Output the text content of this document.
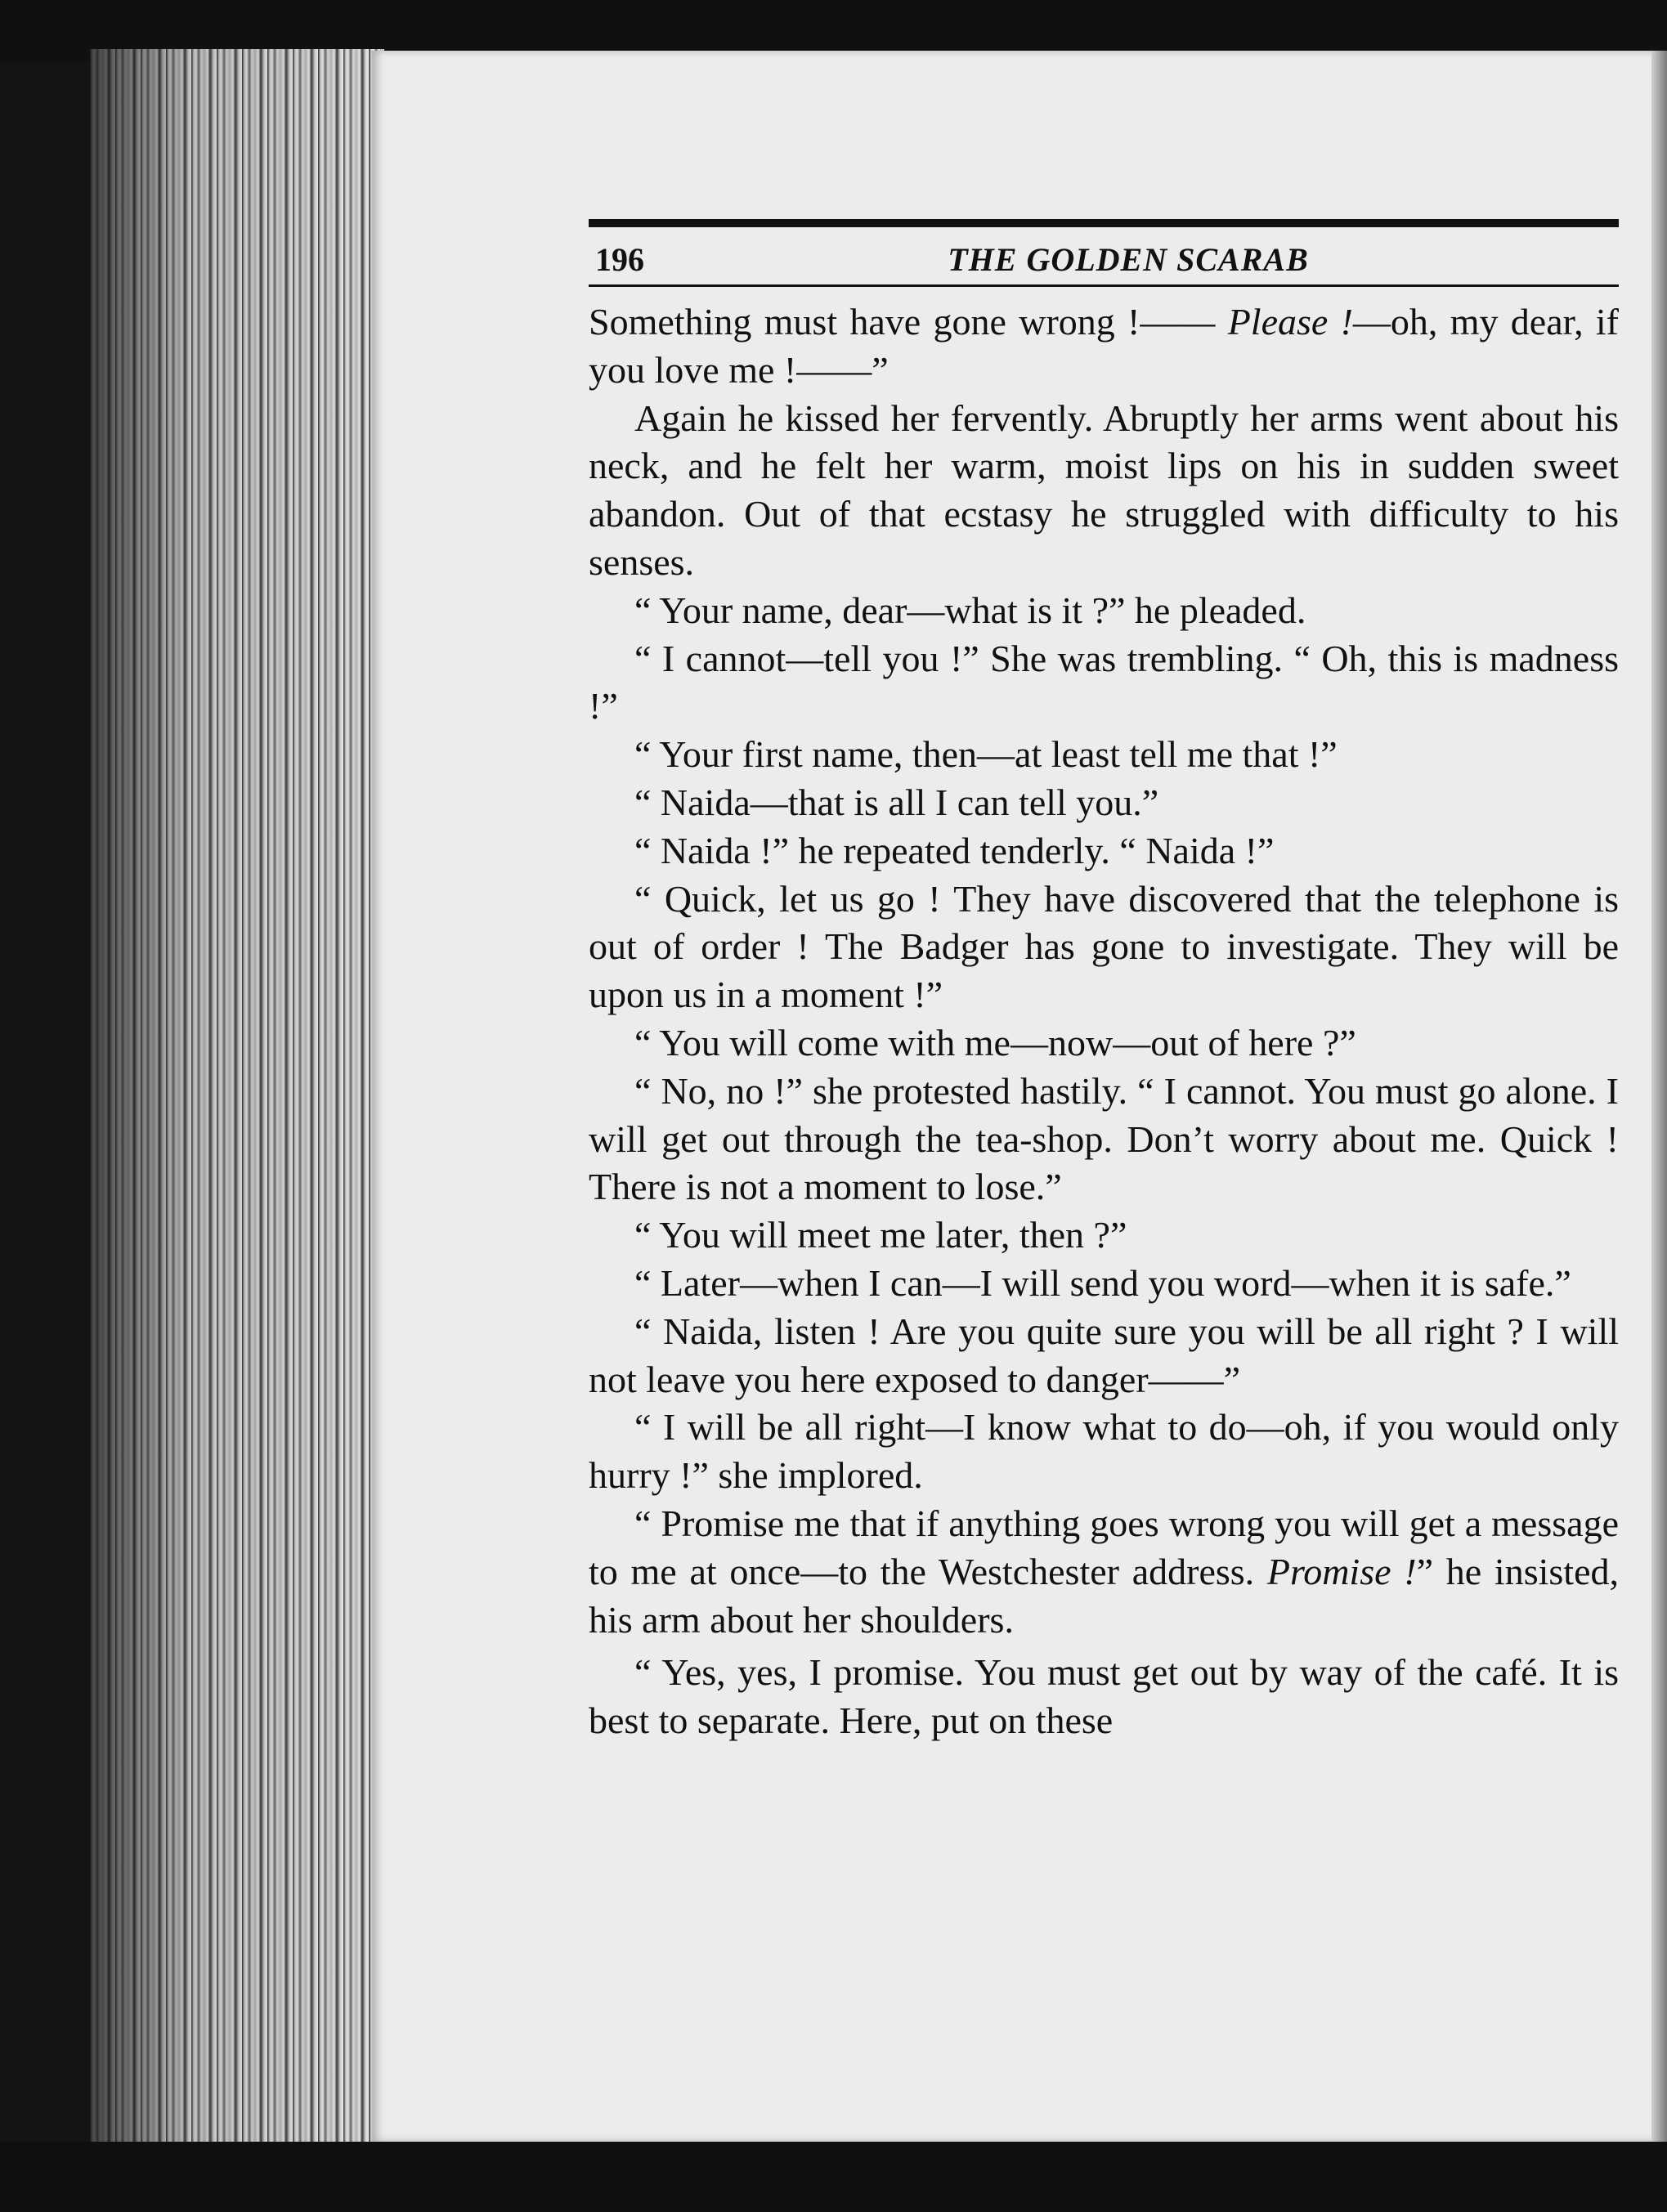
196	THE GOLDEN SCARAB

Something must have gone wrong !—— Please !—oh, my dear, if you love me !——”

Again he kissed her fervently. Abruptly her arms went about his neck, and he felt her warm, moist lips on his in sudden sweet abandon. Out of that ecstasy he struggled with difficulty to his senses.

“ Your name, dear—what is it ?” he pleaded.

“ I cannot—tell you !” She was trembling. “ Oh, this is madness !”

“ Your first name, then—at least tell me that !”

“ Naida—that is all I can tell you.”

“ Naida !” he repeated tenderly. “ Naida !”

“ Quick, let us go ! They have discovered that the telephone is out of order ! The Badger has gone to investigate. They will be upon us in a moment !”

“ You will come with me—now—out of here ?”

“ No, no !” she protested hastily. “ I cannot. You must go alone. I will get out through the tea-shop. Don’t worry about me. Quick ! There is not a moment to lose.”

“ You will meet me later, then ?”

“ Later—when I can—I will send you word—when it is safe.”

“ Naida, listen ! Are you quite sure you will be all right ? I will not leave you here exposed to danger——”

“ I will be all right—I know what to do—oh, if you would only hurry !” she implored.

“ Promise me that if anything goes wrong you will get a message to me at once—to the Westchester address. Promise !” he insisted, his arm about her shoulders.

“ Yes, yes, I promise. You must get out by way of the café. It is best to separate. Here, put on these
